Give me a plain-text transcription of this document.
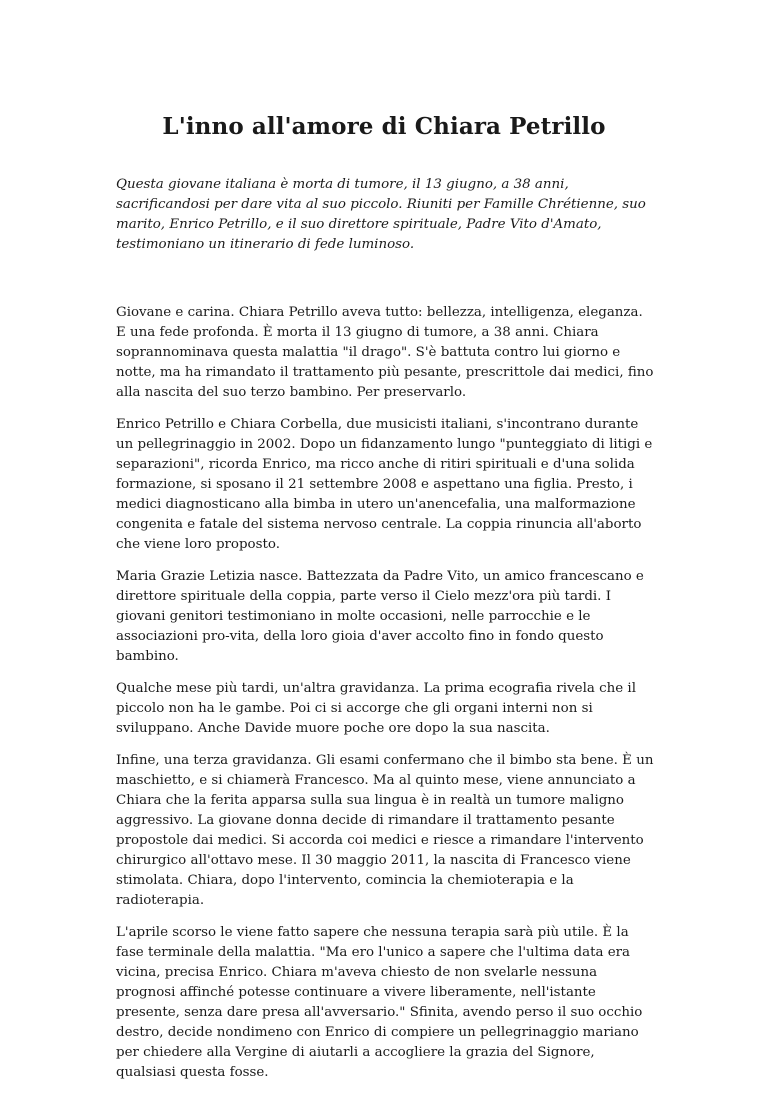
L'inno all'amore di Chiara Petrillo

Questa giovane italiana è morta di tumore, il 13 giugno, a 38 anni, sacrificandosi per dare vita al suo piccolo. Riuniti per Famille Chrétienne, suo marito, Enrico Petrillo, e il suo direttore spirituale, Padre Vito d'Amato, testimoniano un itinerario di fede luminoso.

Giovane e carina. Chiara Petrillo aveva tutto: bellezza, intelligenza, eleganza. E una fede profonda. È morta il 13 giugno di tumore, a 38 anni. Chiara soprannominava questa malattia "il drago". S'è battuta contro lui giorno e notte, ma ha rimandato il trattamento più pesante, prescrittole dai medici, fino alla nascita del suo terzo bambino. Per preservarlo.

Enrico Petrillo e Chiara Corbella, due musicisti italiani, s'incontrano durante un pellegrinaggio in 2002. Dopo un fidanzamento lungo "punteggiato di litigi e separazioni", ricorda Enrico, ma ricco anche di ritiri spirituali e d'una solida formazione, si sposano il 21 settembre 2008 e aspettano una figlia. Presto, i medici diagnosticano alla bimba in utero un'anencefalia, una malformazione congenita e fatale del sistema nervoso centrale. La coppia rinuncia all'aborto che viene loro proposto.

Maria Grazie Letizia nasce. Battezzata da Padre Vito, un amico francescano e direttore spirituale della coppia, parte verso il Cielo mezz'ora più tardi. I giovani genitori testimoniano in molte occasioni, nelle parrocchie e le associazioni pro-vita, della loro gioia d'aver accolto fino in fondo questo bambino.

Qualche mese più tardi, un'altra gravidanza. La prima ecografia rivela che il piccolo non ha le gambe. Poi ci si accorge che gli organi interni non si sviluppano. Anche Davide muore poche ore dopo la sua nascita.

Infine, una terza gravidanza. Gli esami confermano che il bimbo sta bene. È un maschietto, e si chiamerà Francesco. Ma al quinto mese, viene annunciato a Chiara che la ferita apparsa sulla sua lingua è in realtà un tumore maligno aggressivo. La giovane donna decide di rimandare il trattamento pesante propostole dai medici. Si accorda coi medici e riesce a rimandare l'intervento chirurgico all'ottavo mese. Il 30 maggio 2011, la nascita di Francesco viene stimolata. Chiara, dopo l'intervento, comincia la chemioterapia e la radioterapia.

L'aprile scorso le viene fatto sapere che nessuna terapia sarà più utile. È la fase terminale della malattia. "Ma ero l'unico a sapere che l'ultima data era vicina, precisa Enrico. Chiara m'aveva chiesto de non svelarle nessuna prognosi affinché potesse continuare a vivere liberamente, nell'istante presente, senza dare presa all'avversario." Sfinita, avendo perso il suo occhio destro, decide nondimeno con Enrico di compiere un pellegrinaggio mariano per chiedere alla Vergine di aiutarli a accogliere la grazia del Signore, qualsiasi questa fosse.
